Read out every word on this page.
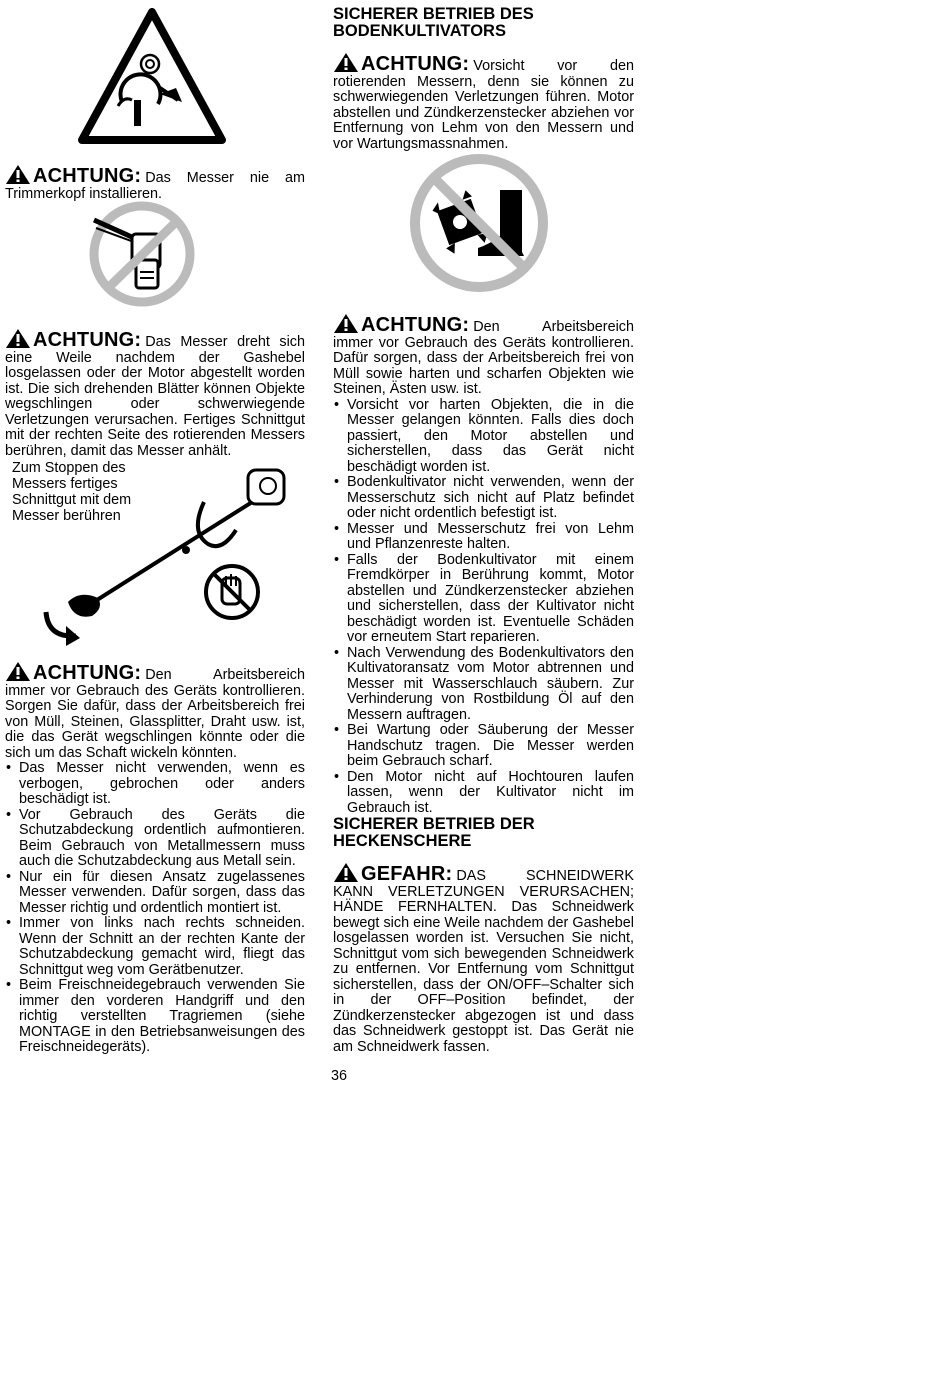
ACHTUNG: Das Messer nie am Trimmerkopf installieren.
ACHTUNG: Das Messer dreht sich eine Weile nachdem der Gashebel losgelassen oder der Motor abgestellt worden ist. Die sich drehenden Blätter können Objekte wegschlingen oder schwerwiegende Verletzungen verursachen. Fertiges Schnittgut mit der rechten Seite des rotierenden Messers berühren, damit das Messer anhält.
Zum Stoppen des
Messers fertiges
Schnittgut mit dem
Messer berühren
ACHTUNG: Den Arbeitsbereich immer vor Gebrauch des Geräts kontrollieren. Sorgen Sie dafür, dass der Arbeitsbereich frei von Müll, Steinen, Glassplitter, Draht usw. ist, die das Gerät wegschlingen könnte oder die sich um das Schaft wickeln könnten.
• Das Messer nicht verwenden, wenn es verbogen, gebrochen oder anders beschädigt ist.
• Vor Gebrauch des Geräts die Schutzabdeckung ordentlich aufmontieren. Beim Gebrauch von Metallmessern muss auch die Schutzabdeckung aus Metall sein.
• Nur ein für diesen Ansatz zugelassenes Messer verwenden. Dafür sorgen, dass das Messer richtig und ordentlich montiert ist.
• Immer von links nach rechts schneiden. Wenn der Schnitt an der rechten Kante der Schutzabdeckung gemacht wird, fliegt das Schnittgut weg vom Gerätbenutzer.
• Beim Freischneidegebrauch verwenden Sie immer den vorderen Handgriff und den richtig verstellten Tragriemen (siehe MONTAGE in den Betriebsanweisungen des Freischneidegeräts).
SICHERER BETRIEB DES
BODENKULTIVATORS
ACHTUNG: Vorsicht vor den rotierenden Messern, denn sie können zu schwerwiegenden Verletzungen führen. Motor abstellen und Zündkerzenstecker abziehen vor Entfernung von Lehm von den Messern und vor Wartungsmassnahmen.
ACHTUNG: Den Arbeitsbereich immer vor Gebrauch des Geräts kontrollieren. Dafür sorgen, dass der Arbeitsbereich frei von Müll sowie harten und scharfen Objekten wie Steinen, Ästen usw. ist.
• Vorsicht vor harten Objekten, die in die Messer gelangen könnten. Falls dies doch passiert, den Motor abstellen und sicherstellen, dass das Gerät nicht beschädigt worden ist.
• Bodenkultivator nicht verwenden, wenn der Messerschutz sich nicht auf Platz befindet oder nicht ordentlich befestigt ist.
• Messer und Messerschutz frei von Lehm und Pflanzenreste halten.
• Falls der Bodenkultivator mit einem Fremdkörper in Berührung kommt, Motor abstellen und Zündkerzenstecker abziehen und sicherstellen, dass der Kultivator nicht beschädigt worden ist. Eventuelle Schäden vor erneutem Start reparieren.
• Nach Verwendung des Bodenkultivators den Kultivatoransatz vom Motor abtrennen und Messer mit Wasserschlauch säubern. Zur Verhinderung von Rostbildung Öl auf den Messern auftragen.
• Bei Wartung oder Säuberung der Messer Handschutz tragen. Die Messer werden beim Gebrauch scharf.
• Den Motor nicht auf Hochtouren laufen lassen, wenn der Kultivator nicht im Gebrauch ist.
SICHERER BETRIEB DER
HECKENSCHERE
GEFAHR: DAS SCHNEIDWERK KANN VERLETZUNGEN VERURSACHEN; HÄNDE FERNHALTEN. Das Schneidwerk bewegt sich eine Weile nachdem der Gashebel losgelassen worden ist. Versuchen Sie nicht, Schnittgut vom sich bewegenden Schneidwerk zu entfernen. Vor Entfernung vom Schnittgut sicherstellen, dass der ON/OFF–Schalter sich in der OFF–Position befindet, der Zündkerzenstecker abgezogen ist und dass das Schneidwerk gestoppt ist. Das Gerät nie am Schneidwerk fassen.
36
